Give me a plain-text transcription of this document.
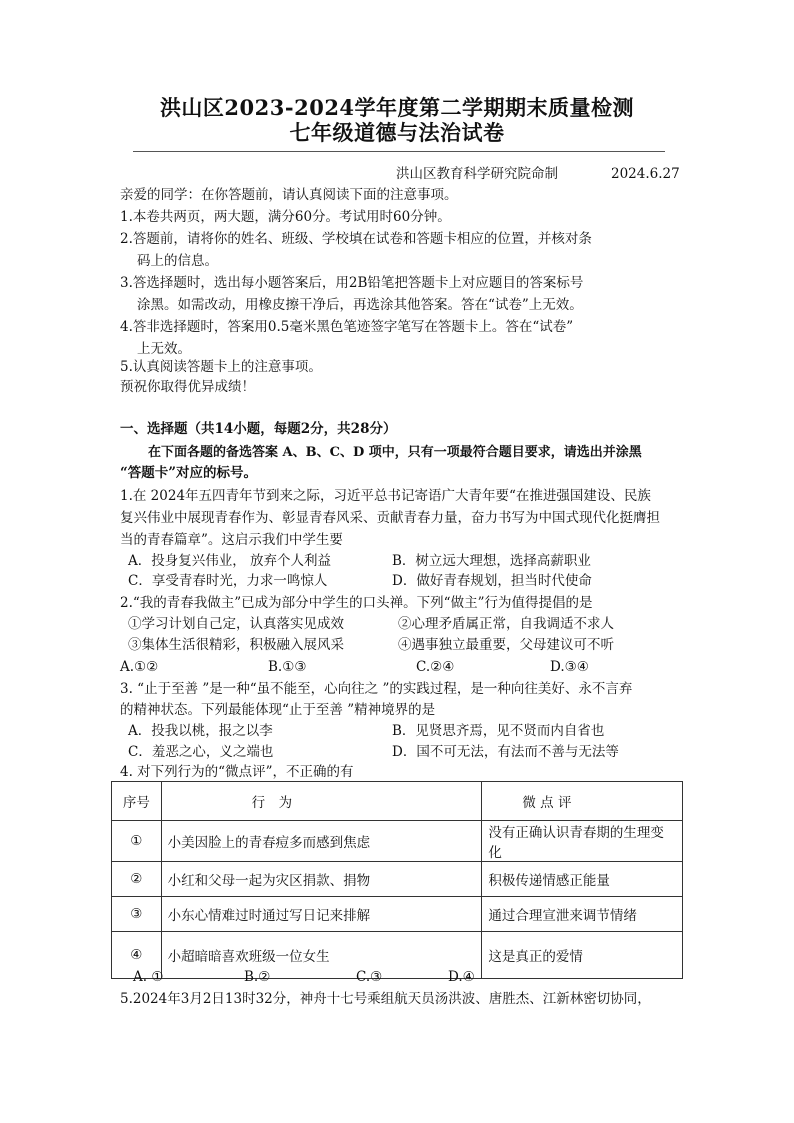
洪山区2023-2024学年度第二学期期末质量检测
七年级道德与法治试卷
洪山区教育科学研究院命制	2024.6.27
亲爱的同学：在你答题前，请认真阅读下面的注意事项。
1.本卷共两页，两大题，满分60分。考试用时60分钟。
2.答题前，请将你的姓名、班级、学校填在试卷和答题卡相应的位置，并核对条
码上的信息。
3.答选择题时，选出每小题答案后，用2B铅笔把答题卡上对应题目的答案标号
涂黑。如需改动，用橡皮擦干净后，再选涂其他答案。答在“试卷”上无效。
4.答非选择题时，答案用0.5毫米黑色笔迹签字笔写在答题卡上。答在“试卷”
上无效。
5.认真阅读答题卡上的注意事项。
预祝你取得优异成绩！
一、选择题（共14小题，每题2分，共28分）
在下面各题的备选答案 A、B、C、D 项中，只有一项最符合题目要求，请选出并涂黑
“答题卡”对应的标号。
1.在 2024年五四青年节到来之际，习近平总书记寄语广大青年要“在推进强国建设、民族
复兴伟业中展现青春作为、彰显青春风采、贡献青春力量，奋力书写为中国式现代化挺膺担
当的青春篇章”。这启示我们中学生要
A．投身复兴伟业， 放弃个人利益	B．树立远大理想，选择高薪职业
C．享受青春时光，力求一鸣惊人	D．做好青春规划，担当时代使命
2.“我的青春我做主”已成为部分中学生的口头禅。下列“做主”行为值得提倡的是
①学习计划自己定，认真落实见成效	②心理矛盾属正常，自我调适不求人
③集体生活很精彩，积极融入展风采	④遇事独立最重要，父母建议可不听
A.①②	B.①③	C.②④	D.③④
3. “止于至善 ”是一种“虽不能至，心向往之 ”的实践过程，是一种向往美好、永不言弃
的精神状态。下列最能体现“止于至善 ”精神境界的是
A．投我以桃，报之以李	B．见贤思齐焉，见不贤而内自省也
C．羞恶之心，义之端也	D．国不可无法，有法而不善与无法等
4. 对下列行为的“微点评”，不正确的有
序号	行　为	微 点 评
①	小美因脸上的青春痘多而感到焦虑	没有正确认识青春期的生理变化
②	小红和父母一起为灾区捐款、捐物	积极传递情感正能量
③	小东心情难过时通过写日记来排解	通过合理宣泄来调节情绪
④	小超暗暗喜欢班级一位女生	这是真正的爱情
A. ①	B.②	C.③	D.④
5.2024年3月2日13时32分，神舟十七号乘组航天员汤洪波、唐胜杰、江新林密切协同，
